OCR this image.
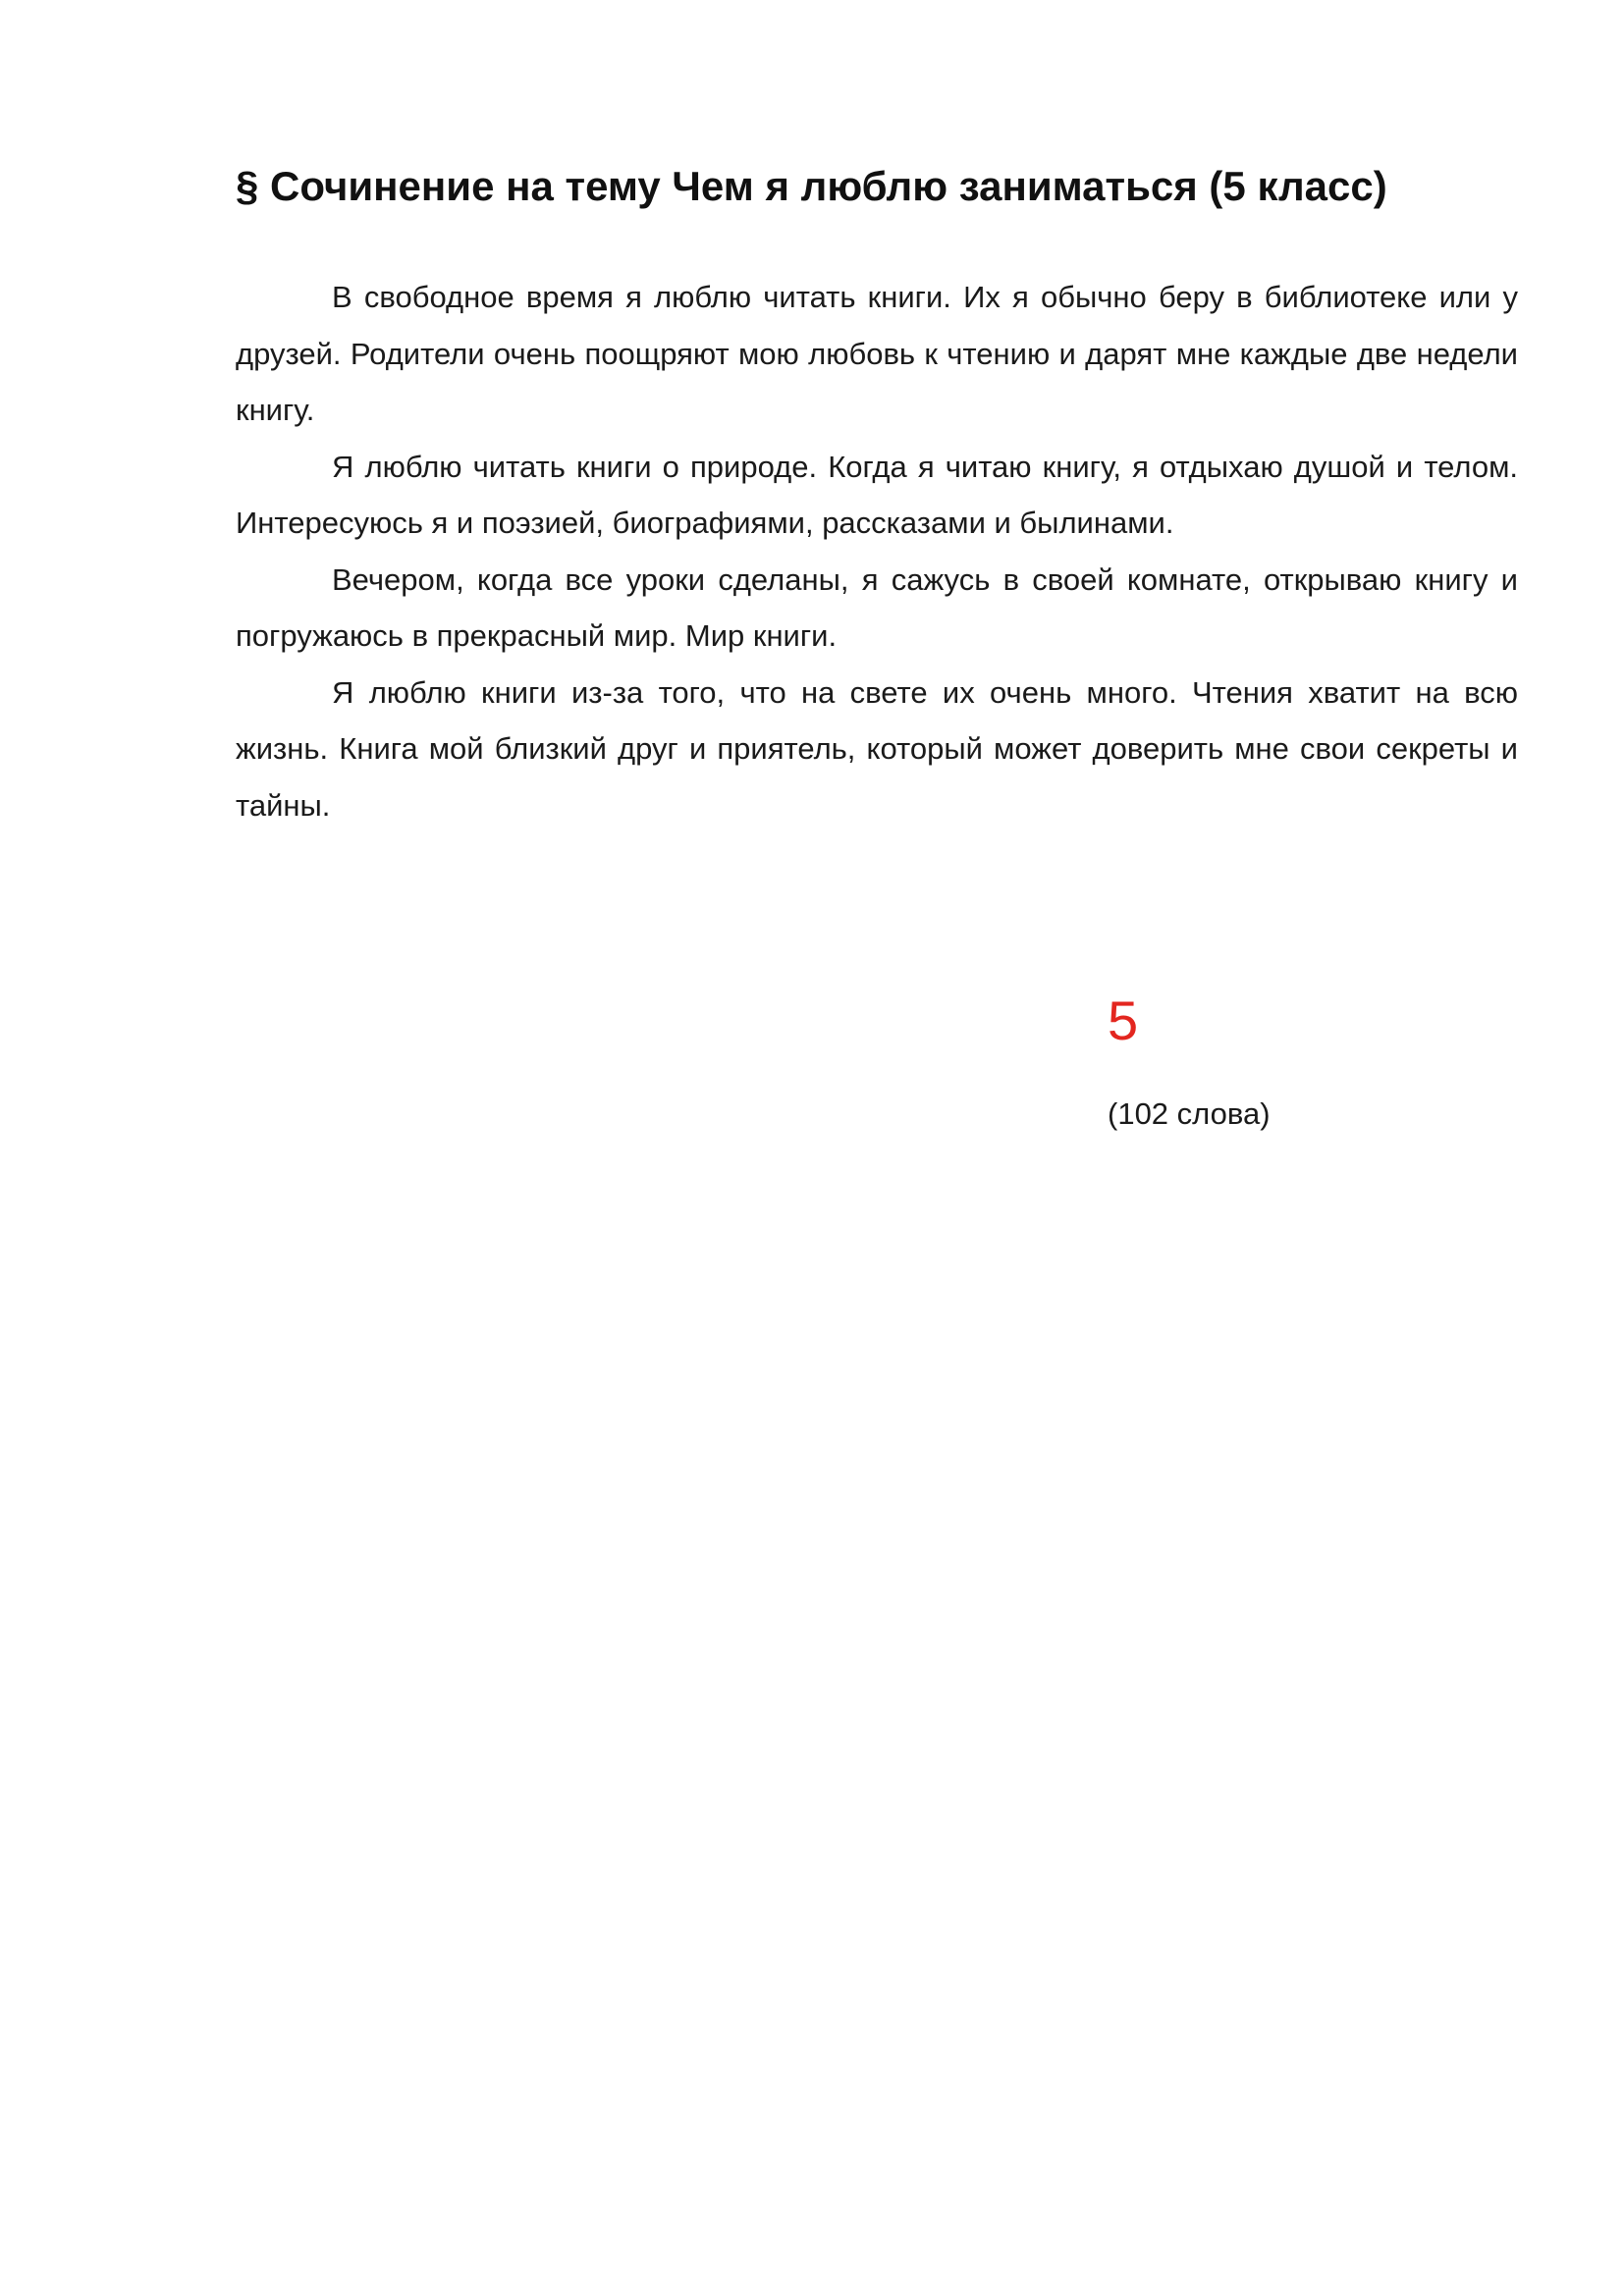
§ Сочинение на тему Чем я люблю заниматься (5 класс)

В свободное время я люблю читать книги. Их я обычно беру в библиотеке или у друзей. Родители очень поощряют мою любовь к чтению и дарят мне каждые две недели книгу.

Я люблю читать книги о природе. Когда я читаю книгу, я отдыхаю душой и телом. Интересуюсь я и поэзией, биографиями, рассказами и былинами.

Вечером, когда все уроки сделаны, я сажусь в своей комнате, открываю книгу и погружаюсь в прекрасный мир. Мир книги.

Я люблю книги из-за того, что на свете их очень много. Чтения хватит на всю жизнь. Книга мой близкий друг и приятель, который может доверить мне свои секреты и тайны.

5
(102 слова)
